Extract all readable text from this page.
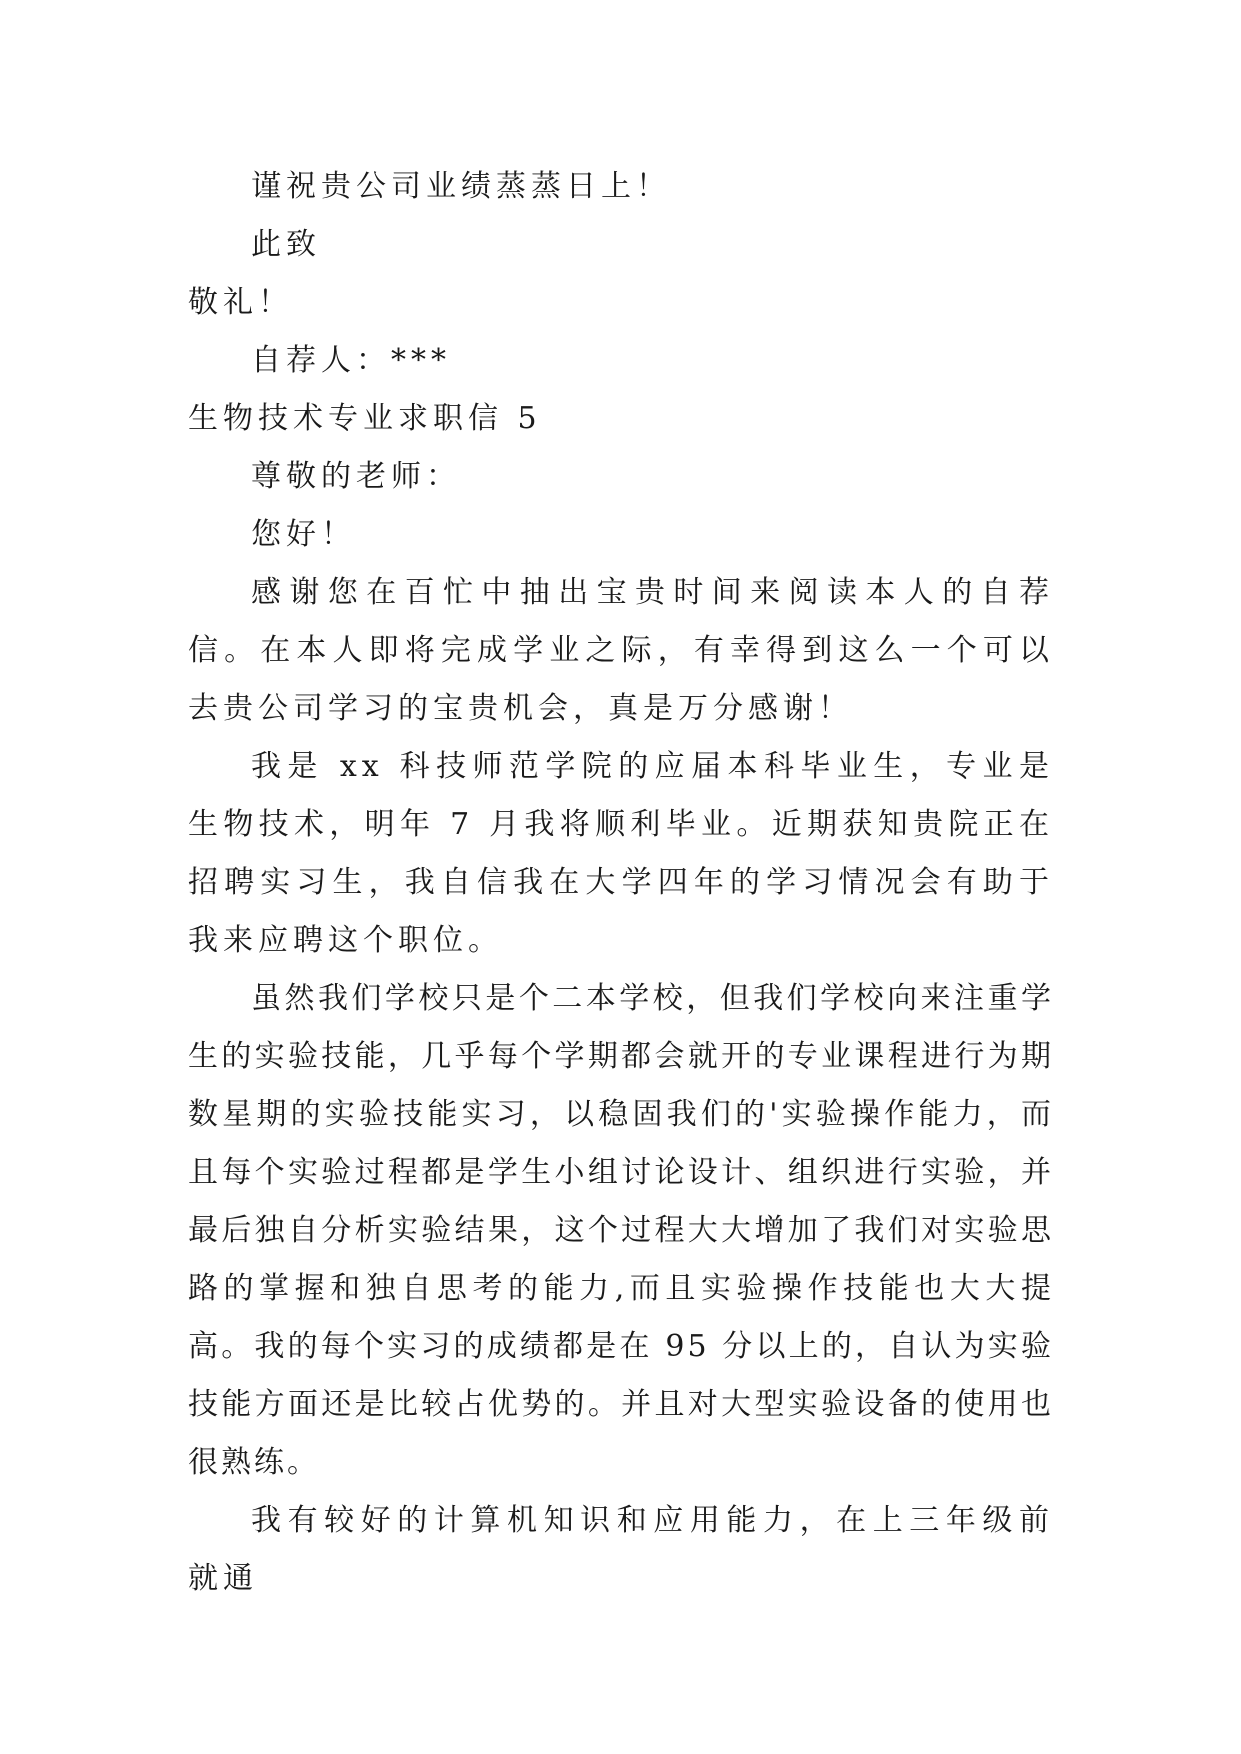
谨祝贵公司业绩蒸蒸日上！

此致

敬礼！

自荐人：***

生物技术专业求职信 5

尊敬的老师：

您好！

感谢您在百忙中抽出宝贵时间来阅读本人的自荐信。在本人即将完成学业之际，有幸得到这么一个可以去贵公司学习的宝贵机会，真是万分感谢！

我是 xx 科技师范学院的应届本科毕业生，专业是生物技术，明年 7 月我将顺利毕业。近期获知贵院正在招聘实习生，我自信我在大学四年的学习情况会有助于我来应聘这个职位。

虽然我们学校只是个二本学校，但我们学校向来注重学生的实验技能，几乎每个学期都会就开的专业课程进行为期数星期的实验技能实习，以稳固我们的'实验操作能力，而且每个实验过程都是学生小组讨论设计、组织进行实验，并最后独自分析实验结果，这个过程大大增加了我们对实验思路的掌握和独自思考的能力,而且实验操作技能也大大提高。我的每个实习的成绩都是在 95 分以上的，自认为实验技能方面还是比较占优势的。并且对大型实验设备的使用也很熟练。

我有较好的计算机知识和应用能力，在上三年级前就通
